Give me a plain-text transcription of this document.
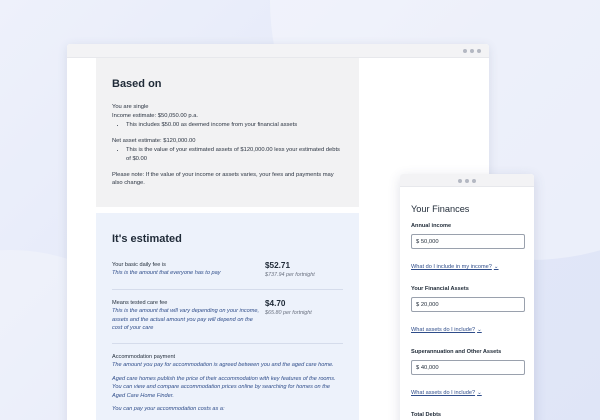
Based on
You are single
Income estimate: $50,050.00 p.a.
• This includes $50.00 as deemed income from your financial assets
Net asset estimate: $120,000.00
• This is the value of your estimated assets of $120,000.00 less your estimated debts of $0.00
Please note: If the value of your income or assets varies, your fees and payments may also change.
It's estimated
Your basic daily fee is
This is the amount that everyone has to pay
$52.71
$737.94 per fortnight
Means tested care fee
This is the amount that will vary depending on your income, assets and the actual amount you pay will depend on the cost of your care
$4.70
$65.80 per fortnight
Accommodation payment
The amount you pay for accommodation is agreed between you and the aged care home.
Aged care homes publish the price of their accommodation with key features of the rooms. You can view and compare accommodation prices online by searching for homes on the Aged Care Home Finder.
You can pay your accommodation costs as a:
Your Finances
Annual income
$ 50,000 What do I include in my income? ⌄
Your Financial Assets
$ 20,000 What assets do I include? ⌄
Superannuation and Other Assets
$ 40,000 What assets do I include? ⌄
Total Debts
